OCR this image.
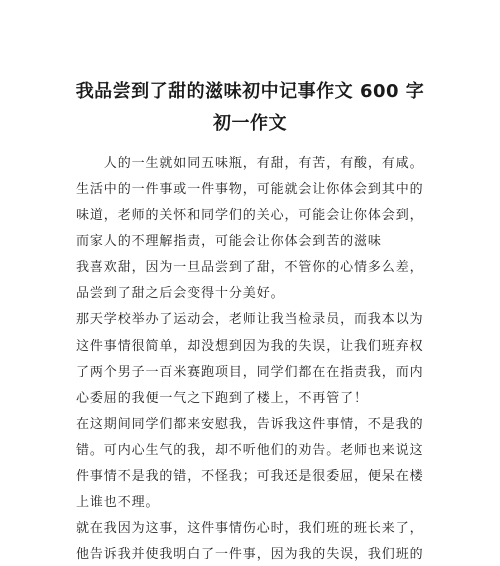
我品尝到了甜的滋味初中记事作文 600 字
初一作文
　　人的一生就如同五味瓶，有甜，有苦，有酸，有咸。
生活中的一件事或一件事物，可能就会让你体会到其中的
味道，老师的关怀和同学们的关心，可能会让你体会到，
而家人的不理解指责，可能会让你体会到苦的滋味
我喜欢甜，因为一旦品尝到了甜，不管你的心情多么差，
品尝到了甜之后会变得十分美好。
那天学校举办了运动会，老师让我当检录员，而我本以为
这件事情很简单，却没想到因为我的失误，让我们班弃权
了两个男子一百米赛跑项目，同学们都在在指责我，而内
心委屈的我便一气之下跑到了楼上，不再管了！
在这期间同学们都来安慰我，告诉我这件事情，不是我的
错。可内心生气的我，却不听他们的劝告。老师也来说这
件事情不是我的错，不怪我；可我还是很委屈，便呆在楼
上谁也不理。
就在我因为这事，这件事情伤心时，我们班的班长来了，
他告诉我并使我明白了一件事，因为我的失误，我们班的
